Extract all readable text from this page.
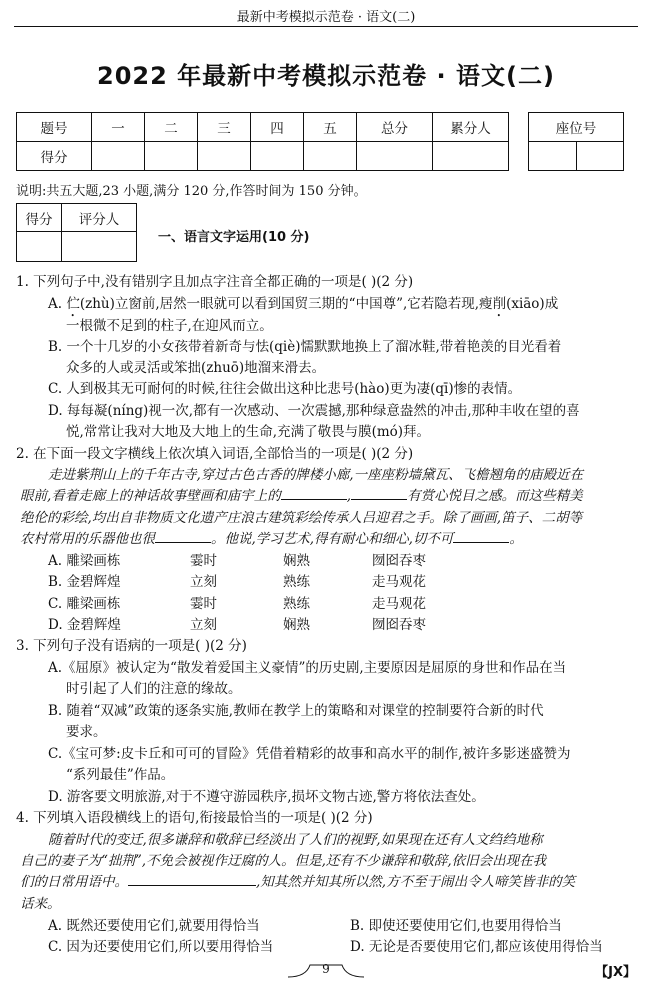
最新中考模拟示范卷 · 语文(二)
2022 年最新中考模拟示范卷 · 语文(二)
题号	一	二	三	四	五	总分	累分人
得分							
座位号

说明:共五大题,23 小题,满分 120 分,作答时间为 150 分钟。
得分	评分人

一、语言文字运用(10 分)
1. 下列句子中,没有错别字且加点字注音全都正确的一项是( )(2 分)
A. 伫(zhù)立窗前,居然一眼就可以看到国贸三期的“中国尊”,它若隐若现,瘦削(xiāo)成
一根微不足到的柱子,在迎风而立。
B. 一个十几岁的小女孩带着新奇与怯(qiè)懦默默地换上了溜冰鞋,带着艳羡的目光看着
众多的人或灵活或笨拙(zhuō)地溜来滑去。
C. 人到极其无可耐何的时候,往往会做出这种比悲号(hào)更为凄(qī)惨的表情。
D. 每每凝(níng)视一次,都有一次感动、一次震撼,那种绿意盎然的冲击,那种丰收在望的喜
悦,常常让我对大地及大地上的生命,充满了敬畏与膜(mó)拜。
2. 在下面一段文字横线上依次填入词语,全部恰当的一项是( )(2 分)
走进紫荆山上的千年古寺,穿过古色古香的牌楼小廊,一座座粉墙黛瓦、飞檐翘角的庙殿近在
眼前,看着走廊上的神话故事壁画和庙宇上的	,	有赏心悦目之感。而这些精美
绝伦的彩绘,均出自非物质文化遗产庄浪古建筑彩绘传承人吕迎君之手。除了画画,笛子、二胡等
农村常用的乐器他也很	。他说,学习艺术,得有耐心和细心,切不可	。
A. 雕梁画栋	霎时	娴熟	囫囵吞枣
B. 金碧辉煌	立刻	熟练	走马观花
C. 雕梁画栋	霎时	熟练	走马观花
D. 金碧辉煌	立刻	娴熟	囫囵吞枣
3. 下列句子没有语病的一项是( )(2 分)
A.《屈原》被认定为“散发着爱国主义豪情”的历史剧,主要原因是屈原的身世和作品在当
时引起了人们的注意的缘故。
B. 随着“双减”政策的逐条实施,教师在教学上的策略和对课堂的控制要符合新的时代
要求。
C.《宝可梦:皮卡丘和可可的冒险》凭借着精彩的故事和高水平的制作,被许多影迷盛赞为
“系列最佳”作品。
D. 游客要文明旅游,对于不遵守游园秩序,损坏文物古迹,警方将依法查处。
4. 下列填入语段横线上的语句,衔接最恰当的一项是( )(2 分)
随着时代的变迁,很多谦辞和敬辞已经淡出了人们的视野,如果现在还有人文绉绉地称
自己的妻子为“拙荆”,不免会被视作迂腐的人。但是,还有不少谦辞和敬辞,依旧会出现在我
们的日常用语中。	,知其然并知其所以然,方不至于闹出令人啼笑皆非的笑
话来。
A. 既然还要使用它们,就要用得恰当	B. 即使还要使用它们,也要用得恰当
C. 因为还要使用它们,所以要用得恰当	D. 无论是否要使用它们,都应该使用得恰当
9	【JX】
